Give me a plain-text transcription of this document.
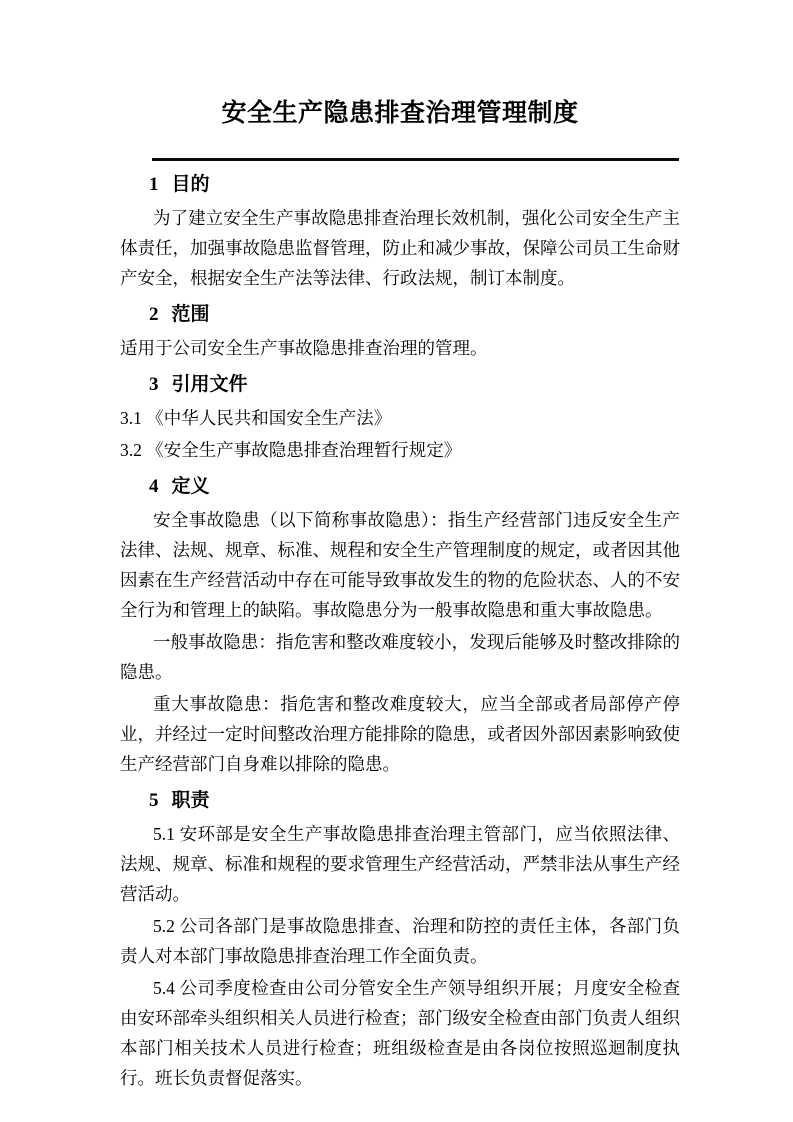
安全生产隐患排查治理管理制度
1 目的

为了建立安全生产事故隐患排查治理长效机制，强化公司安全生产主体责任，加强事故隐患监督管理，防止和减少事故，保障公司员工生命财产安全，根据安全生产法等法律、行政法规，制订本制度。

2 范围

适用于公司安全生产事故隐患排查治理的管理。

3 引用文件

3.1 《中华人民共和国安全生产法》

3.2 《安全生产事故隐患排查治理暂行规定》

4 定义

安全事故隐患（以下简称事故隐患）：指生产经营部门违反安全生产法律、法规、规章、标准、规程和安全生产管理制度的规定，或者因其他因素在生产经营活动中存在可能导致事故发生的物的危险状态、人的不安全行为和管理上的缺陷。事故隐患分为一般事故隐患和重大事故隐患。

一般事故隐患：指危害和整改难度较小，发现后能够及时整改排除的隐患。

重大事故隐患：指危害和整改难度较大，应当全部或者局部停产停业，并经过一定时间整改治理方能排除的隐患，或者因外部因素影响致使生产经营部门自身难以排除的隐患。

5 职责

5.1 安环部是安全生产事故隐患排查治理主管部门，应当依照法律、法规、规章、标准和规程的要求管理生产经营活动，严禁非法从事生产经营活动。

5.2 公司各部门是事故隐患排查、治理和防控的责任主体，各部门负责人对本部门事故隐患排查治理工作全面负责。

5.4 公司季度检查由公司分管安全生产领导组织开展；月度安全检查由安环部牵头组织相关人员进行检查；部门级安全检查由部门负责人组织本部门相关技术人员进行检查；班组级检查是由各岗位按照巡迴制度执行。班长负责督促落实。
